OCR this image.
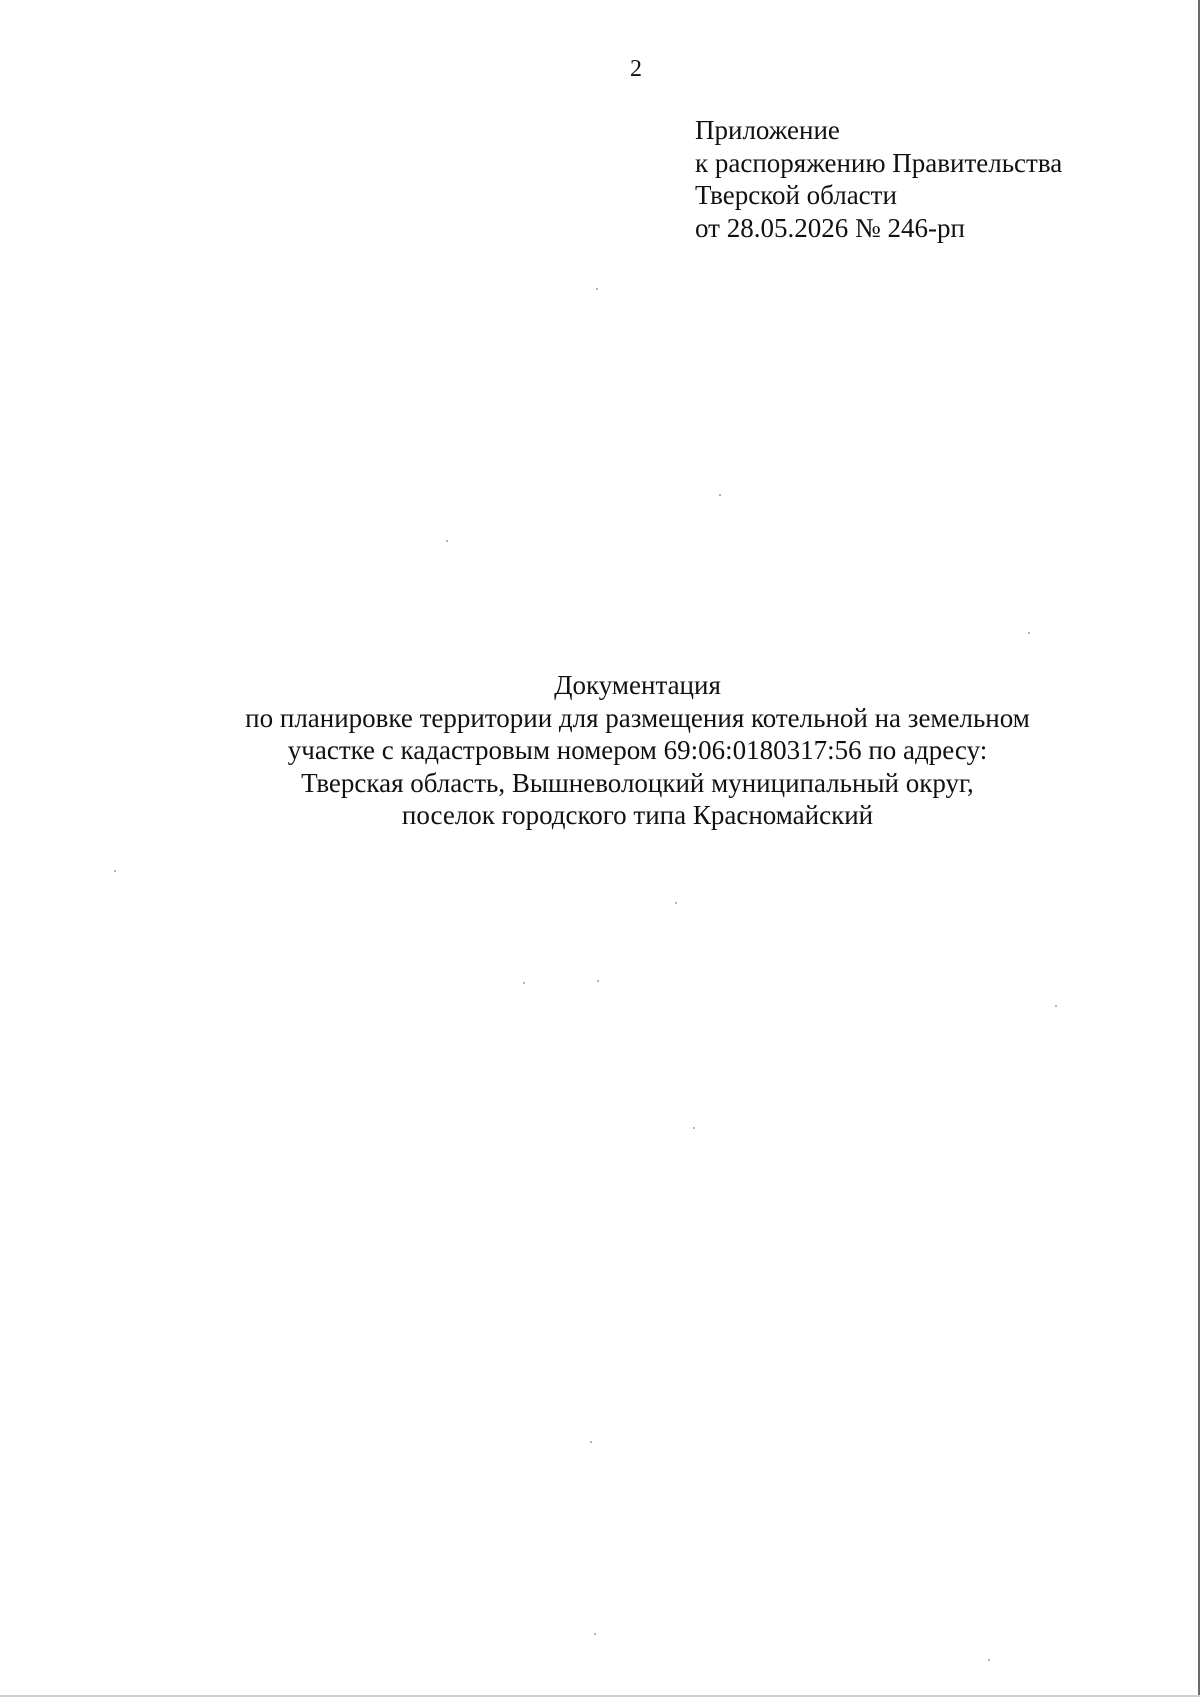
2
Приложение
к распоряжению Правительства
Тверской области
от 28.05.2026 № 246-рп
Документация
по планировке территории для размещения котельной на земельном
участке с кадастровым номером 69:06:0180317:56 по адресу:
Тверская область, Вышневолоцкий муниципальный округ,
поселок городского типа Красномайский
